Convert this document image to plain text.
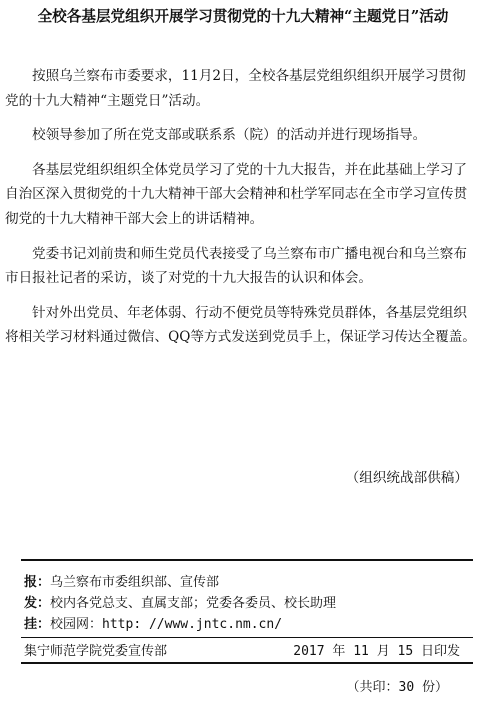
全校各基层党组织开展学习贯彻党的十九大精神“主题党日”活动

按照乌兰察布市委要求，11月2日，全校各基层党组织组织开展学习贯彻党的十九大精神“主题党日”活动。

校领导参加了所在党支部或联系系（院）的活动并进行现场指导。

各基层党组织组织全体党员学习了党的十九大报告，并在此基础上学习了自治区深入贯彻党的十九大精神干部大会精神和杜学军同志在全市学习宣传贯彻党的十九大精神干部大会上的讲话精神。

党委书记刘前贵和师生党员代表接受了乌兰察布市广播电视台和乌兰察布市日报社记者的采访，谈了对党的十九大报告的认识和体会。

针对外出党员、年老体弱、行动不便党员等特殊党员群体，各基层党组织将相关学习材料通过微信、QQ等方式发送到党员手上，保证学习传达全覆盖。

（组织统战部供稿）
报：乌兰察布市委组织部、宣传部
发：校内各党总支、直属支部；党委各委员、校长助理
挂：校园网：http: //www.jntc.nm.cn/
集宁师范学院党委宣传部	2017 年 11 月 15 日印发
（共印：30 份）
